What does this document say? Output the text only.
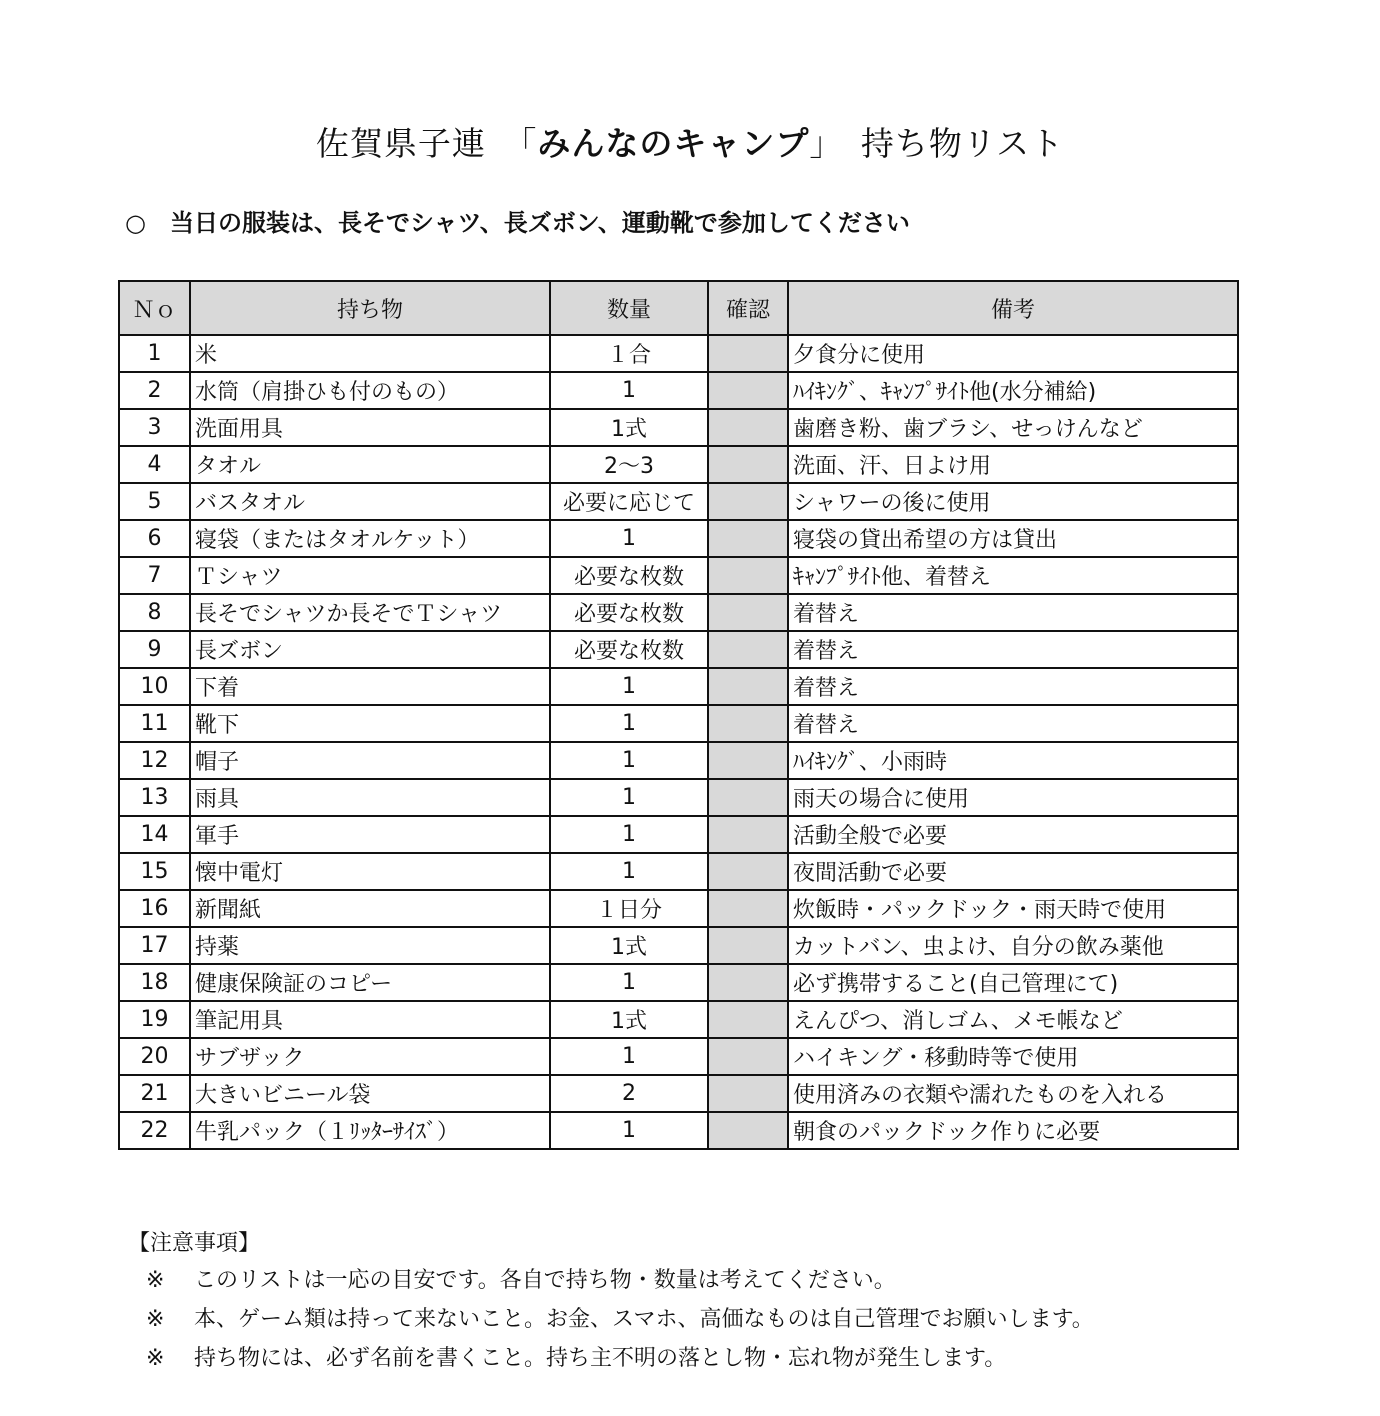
佐賀県子連　「みんなのキャンプ」　持ち物リスト
○　当日の服装は、長そでシャツ、長ズボン、運動靴で参加してください
Ｎｏ	持ち物	数量	確認	備考
1	米	１合		夕食分に使用
2	水筒（肩掛ひも付のもの）	1		ﾊｲｷﾝｸﾞ、ｷｬﾝﾌﾟｻｲﾄ他(水分補給)
3	洗面用具	1式		歯磨き粉、歯ブラシ、せっけんなど
4	タオル	2～3		洗面、汗、日よけ用
5	バスタオル	必要に応じて		シャワーの後に使用
6	寝袋（またはタオルケット）	1		寝袋の貸出希望の方は貸出
7	Ｔシャツ	必要な枚数		ｷｬﾝﾌﾟｻｲﾄ他、着替え
8	長そでシャツか長そでＴシャツ	必要な枚数		着替え
9	長ズボン	必要な枚数		着替え
10	下着	1		着替え
11	靴下	1		着替え
12	帽子	1		ﾊｲｷﾝｸﾞ、小雨時
13	雨具	1		雨天の場合に使用
14	軍手	1		活動全般で必要
15	懐中電灯	1		夜間活動で必要
16	新聞紙	１日分		炊飯時・パックドック・雨天時で使用
17	持薬	1式		カットバン、虫よけ、自分の飲み薬他
18	健康保険証のコピー	1		必ず携帯すること(自己管理にて)
19	筆記用具	1式		えんぴつ、消しゴム、メモ帳など
20	サブザック	1		ハイキング・移動時等で使用
21	大きいビニール袋	2		使用済みの衣類や濡れたものを入れる
22	牛乳パック（１ﾘｯﾀｰｻｲｽﾞ）	1		朝食のパックドック作りに必要
【注意事項】
※ このリストは一応の目安です。各自で持ち物・数量は考えてください。
※ 本、ゲーム類は持って来ないこと。お金、スマホ、高価なものは自己管理でお願いします。
※ 持ち物には、必ず名前を書くこと。持ち主不明の落とし物・忘れ物が発生します。
